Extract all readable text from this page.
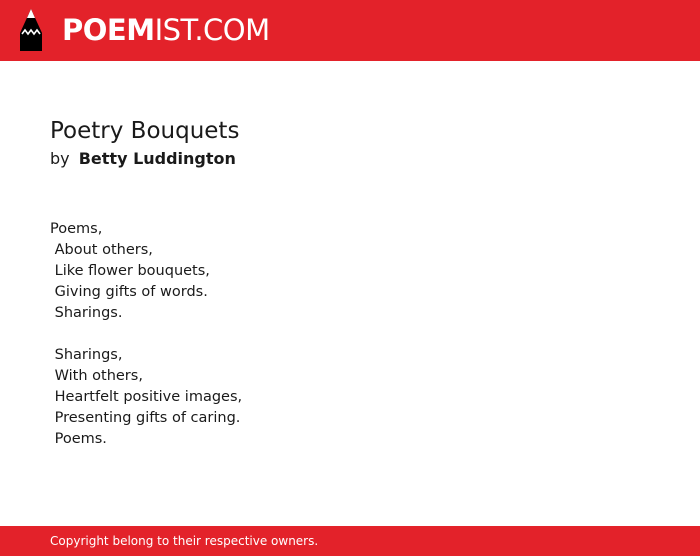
POEMIST.COM
Poetry Bouquets
by Betty Luddington
Poems,
About others,
Like flower bouquets,
Giving gifts of words.
Sharings.

Sharings,
With others,
Heartfelt positive images,
Presenting gifts of caring.
Poems.
Copyright belong to their respective owners.
